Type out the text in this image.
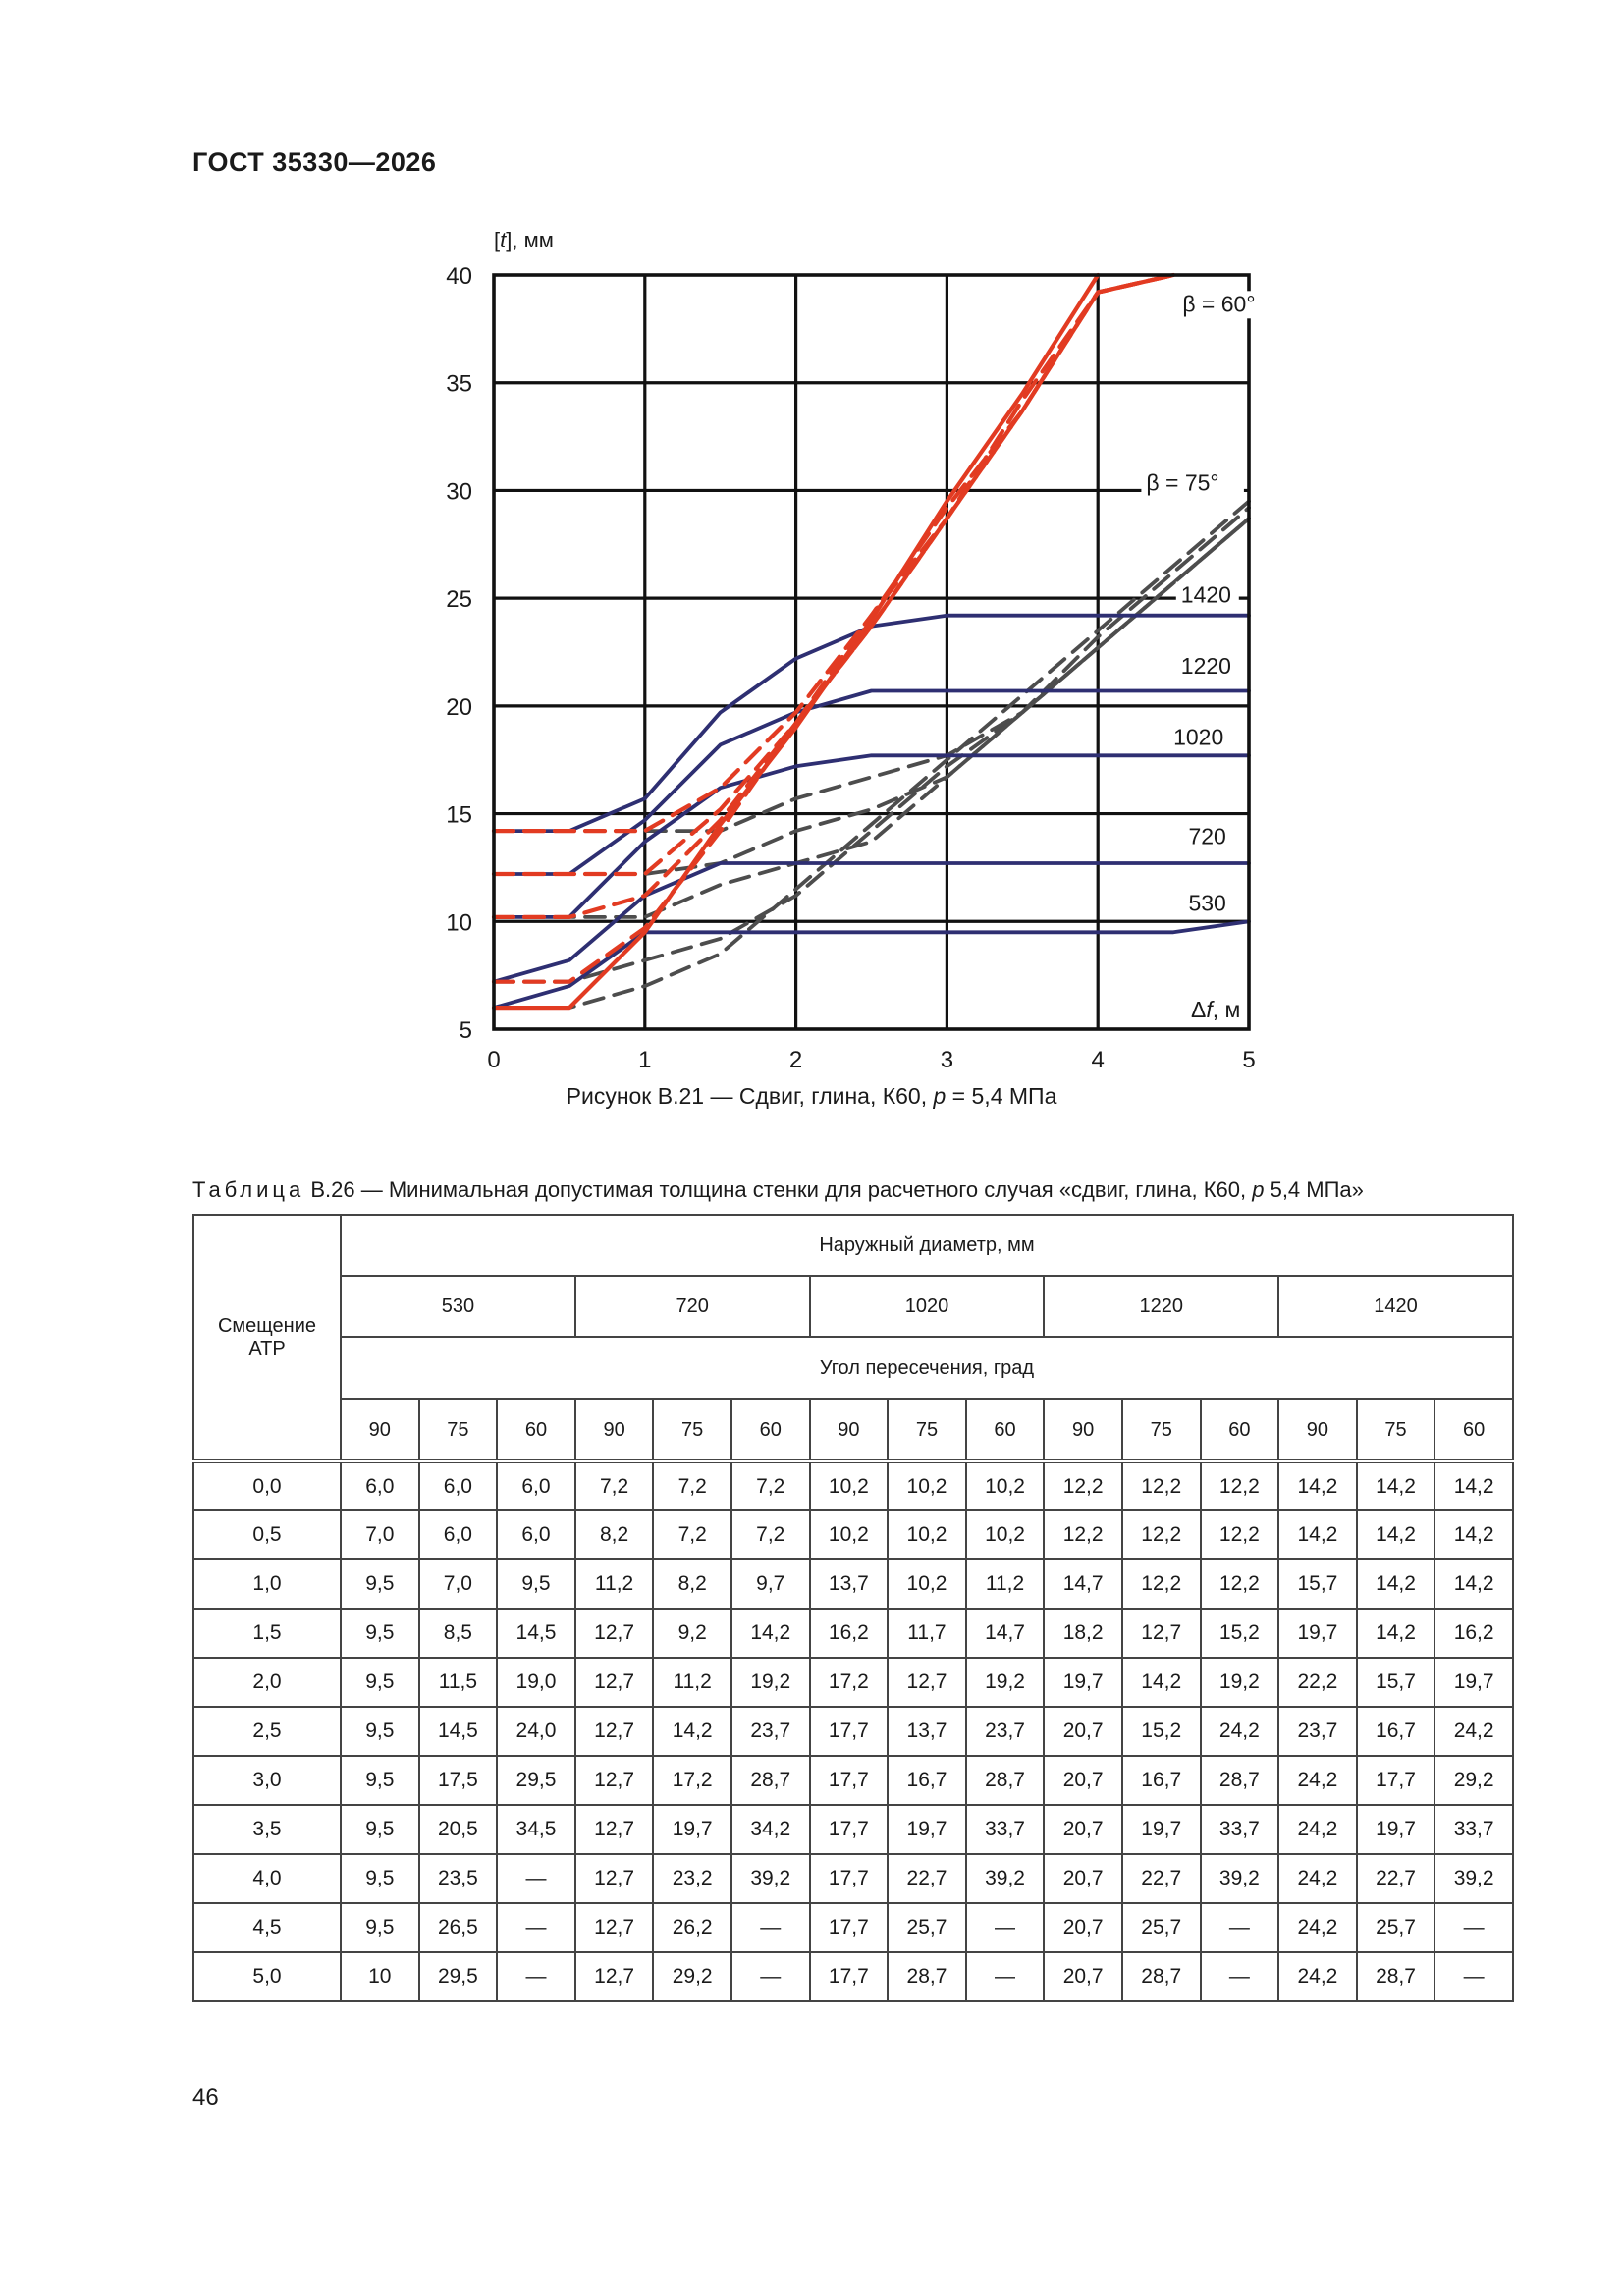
ГОСТ 35330—2026
0	1	2	3	4	5
5
10
15
20
25
30
35
40
β = 60°
β = 75°
1420
1220
1020
720
530
[t], мм
Δf, м
Рисунок В.21 — Сдвиг, глина, К60, р = 5,4 МПа
Таблица В.26 — Минимальная допустимая толщина стенки для расчетного случая «сдвиг, глина, К60, р 5,4 МПа»
Смещение
АТР	Наружный диаметр, мм														
	530			720			1020			1220			1420		
	Угол пересечения, град														
	90	75	60	90	75	60	90	75	60	90	75	60	90	75	60
0,0	6,0	6,0	6,0	7,2	7,2	7,2	10,2	10,2	10,2	12,2	12,2	12,2	14,2	14,2	14,2
0,5	7,0	6,0	6,0	8,2	7,2	7,2	10,2	10,2	10,2	12,2	12,2	12,2	14,2	14,2	14,2
1,0	9,5	7,0	9,5	11,2	8,2	9,7	13,7	10,2	11,2	14,7	12,2	12,2	15,7	14,2	14,2
1,5	9,5	8,5	14,5	12,7	9,2	14,2	16,2	11,7	14,7	18,2	12,7	15,2	19,7	14,2	16,2
2,0	9,5	11,5	19,0	12,7	11,2	19,2	17,2	12,7	19,2	19,7	14,2	19,2	22,2	15,7	19,7
2,5	9,5	14,5	24,0	12,7	14,2	23,7	17,7	13,7	23,7	20,7	15,2	24,2	23,7	16,7	24,2
3,0	9,5	17,5	29,5	12,7	17,2	28,7	17,7	16,7	28,7	20,7	16,7	28,7	24,2	17,7	29,2
3,5	9,5	20,5	34,5	12,7	19,7	34,2	17,7	19,7	33,7	20,7	19,7	33,7	24,2	19,7	33,7
4,0	9,5	23,5	—	12,7	23,2	39,2	17,7	22,7	39,2	20,7	22,7	39,2	24,2	22,7	39,2
4,5	9,5	26,5	—	12,7	26,2	—	17,7	25,7	—	20,7	25,7	—	24,2	25,7	—
5,0	10	29,5	—	12,7	29,2	—	17,7	28,7	—	20,7	28,7	—	24,2	28,7	—
46
